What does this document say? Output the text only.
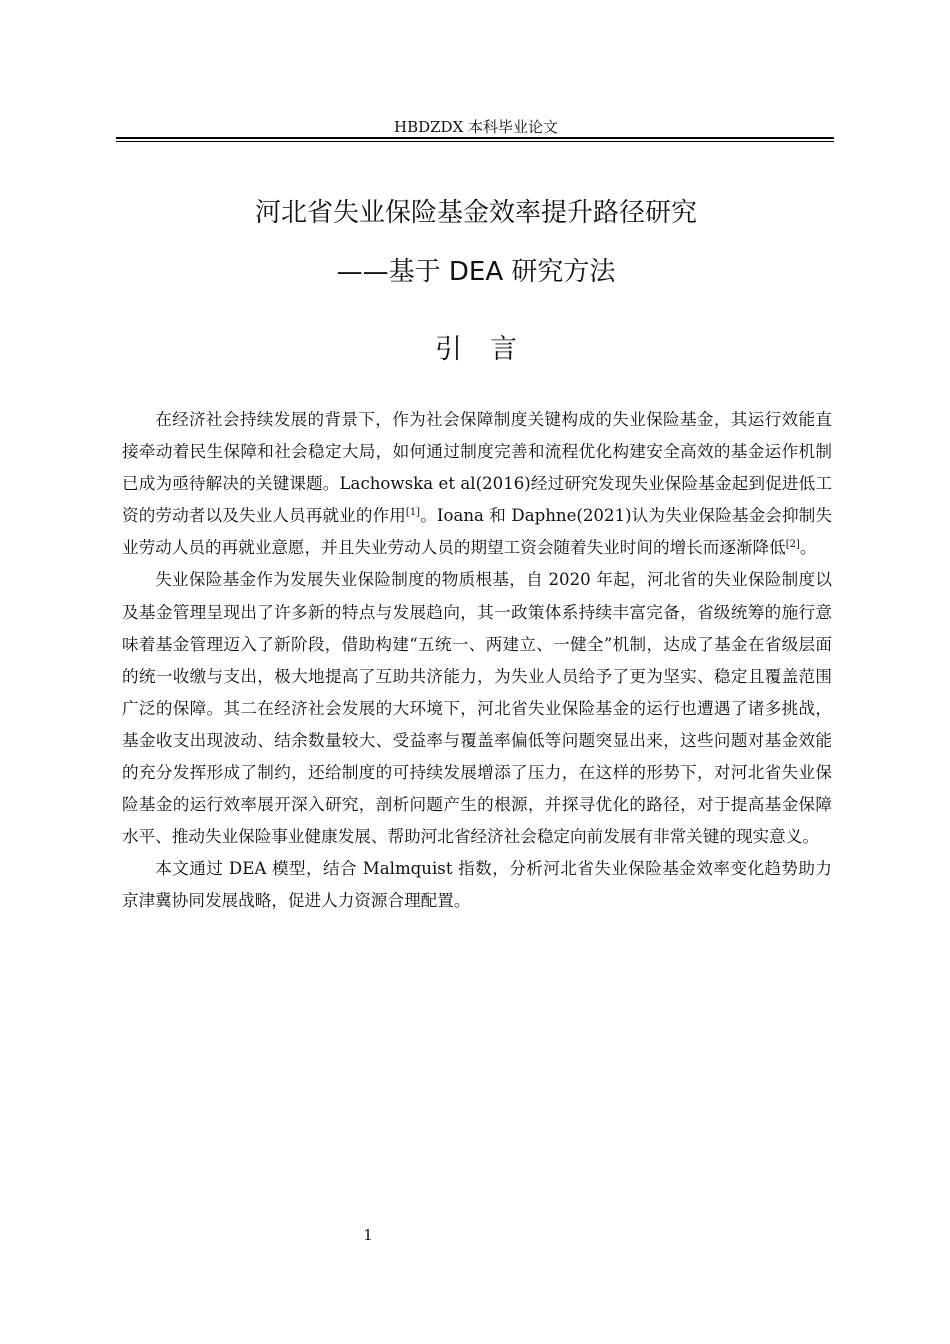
HBDZDX 本科毕业论文
河北省失业保险基金效率提升路径研究
——基于 DEA 研究方法
引言

在经济社会持续发展的背景下，作为社会保障制度关键构成的失业保险基金，其运行效能直接牵动着民生保障和社会稳定大局，如何通过制度完善和流程优化构建安全高效的基金运作机制已成为亟待解决的关键课题。Lachowska et al(2016)经过研究发现失业保险基金起到促进低工资的劳动者以及失业人员再就业的作用[1]。Ioana 和 Daphne(2021)认为失业保险基金会抑制失业劳动人员的再就业意愿，并且失业劳动人员的期望工资会随着失业时间的增长而逐渐降低[2]。

失业保险基金作为发展失业保险制度的物质根基，自 2020 年起，河北省的失业保险制度以及基金管理呈现出了许多新的特点与发展趋向，其一政策体系持续丰富完备，省级统筹的施行意味着基金管理迈入了新阶段，借助构建“五统一、两建立、一健全”机制，达成了基金在省级层面的统一收缴与支出，极大地提高了互助共济能力，为失业人员给予了更为坚实、稳定且覆盖范围广泛的保障。其二在经济社会发展的大环境下，河北省失业保险基金的运行也遭遇了诸多挑战，基金收支出现波动、结余数量较大、受益率与覆盖率偏低等问题突显出来，这些问题对基金效能的充分发挥形成了制约，还给制度的可持续发展增添了压力，在这样的形势下，对河北省失业保险基金的运行效率展开深入研究，剖析问题产生的根源，并探寻优化的路径，对于提高基金保障水平、推动失业保险事业健康发展、帮助河北省经济社会稳定向前发展有非常关键的现实意义。

本文通过 DEA 模型，结合 Malmquist 指数，分析河北省失业保险基金效率变化趋势助力京津冀协同发展战略，促进人力资源合理配置。

1
